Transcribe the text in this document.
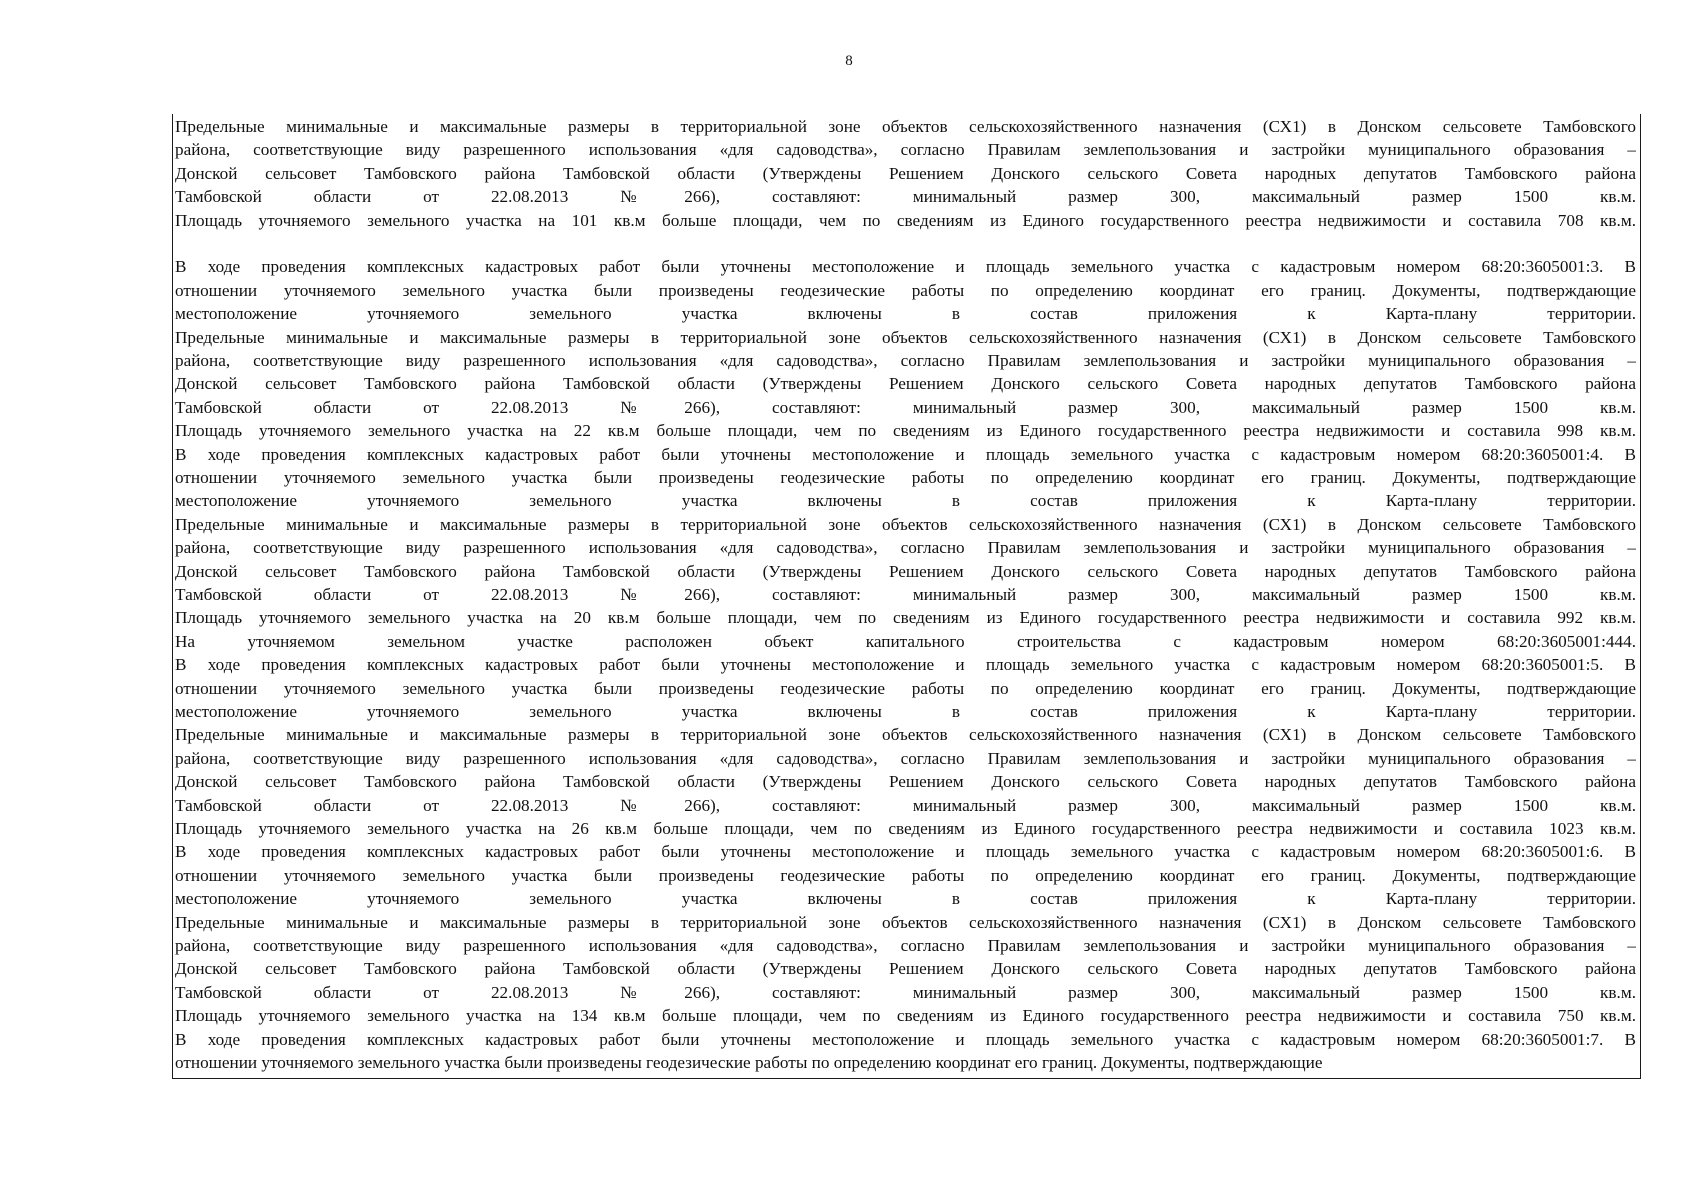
8
Предельные минимальные и максимальные размеры в территориальной зоне объектов сельскохозяйственного назначения (СХ1) в Донском сельсовете Тамбовского
района, соответствующие виду разрешенного использования «для садоводства», согласно Правилам землепользования и застройки муниципального образования –
Донской сельсовет Тамбовского района Тамбовской области (Утверждены Решением Донского сельского Совета народных депутатов Тамбовского района
Тамбовской области от 22.08.2013 №266), составляют: минимальный размер 300, максимальный размер 1500 кв.м.
Площадь уточняемого земельного участка на 101 кв.м больше площади, чем по сведениям из Единого государственного реестра недвижимости и составила 708 кв.м.

В ходе проведения комплексных кадастровых работ были уточнены местоположение и площадь земельного участка с кадастровым номером 68:20:3605001:3. В
отношении уточняемого земельного участка были произведены геодезические работы по определению координат его границ. Документы, подтверждающие
местоположение уточняемого земельного участка включены в состав приложения к Карта-плану территории.
Предельные минимальные и максимальные размеры в территориальной зоне объектов сельскохозяйственного назначения (СХ1) в Донском сельсовете Тамбовского
района, соответствующие виду разрешенного использования «для садоводства», согласно Правилам землепользования и застройки муниципального образования –
Донской сельсовет Тамбовского района Тамбовской области (Утверждены Решением Донского сельского Совета народных депутатов Тамбовского района
Тамбовской области от 22.08.2013 №266), составляют: минимальный размер 300, максимальный размер 1500 кв.м.
Площадь уточняемого земельного участка на 22 кв.м больше площади, чем по сведениям из Единого государственного реестра недвижимости и составила 998 кв.м.
В ходе проведения комплексных кадастровых работ были уточнены местоположение и площадь земельного участка с кадастровым номером 68:20:3605001:4. В
отношении уточняемого земельного участка были произведены геодезические работы по определению координат его границ. Документы, подтверждающие
местоположение уточняемого земельного участка включены в состав приложения к Карта-плану территории.
Предельные минимальные и максимальные размеры в территориальной зоне объектов сельскохозяйственного назначения (СХ1) в Донском сельсовете Тамбовского
района, соответствующие виду разрешенного использования «для садоводства», согласно Правилам землепользования и застройки муниципального образования –
Донской сельсовет Тамбовского района Тамбовской области (Утверждены Решением Донского сельского Совета народных депутатов Тамбовского района
Тамбовской области от 22.08.2013 №266), составляют: минимальный размер 300, максимальный размер 1500 кв.м.
Площадь уточняемого земельного участка на 20 кв.м больше площади, чем по сведениям из Единого государственного реестра недвижимости и составила 992 кв.м.
На уточняемом земельном участке расположен объект капитального строительства с кадастровым номером 68:20:3605001:444.
В ходе проведения комплексных кадастровых работ были уточнены местоположение и площадь земельного участка с кадастровым номером 68:20:3605001:5. В
отношении уточняемого земельного участка были произведены геодезические работы по определению координат его границ. Документы, подтверждающие
местоположение уточняемого земельного участка включены в состав приложения к Карта-плану территории.
Предельные минимальные и максимальные размеры в территориальной зоне объектов сельскохозяйственного назначения (СХ1) в Донском сельсовете Тамбовского
района, соответствующие виду разрешенного использования «для садоводства», согласно Правилам землепользования и застройки муниципального образования –
Донской сельсовет Тамбовского района Тамбовской области (Утверждены Решением Донского сельского Совета народных депутатов Тамбовского района
Тамбовской области от 22.08.2013 №266), составляют: минимальный размер 300, максимальный размер 1500 кв.м.
Площадь уточняемого земельного участка на 26 кв.м больше площади, чем по сведениям из Единого государственного реестра недвижимости и составила 1023 кв.м.
В ходе проведения комплексных кадастровых работ были уточнены местоположение и площадь земельного участка с кадастровым номером 68:20:3605001:6. В
отношении уточняемого земельного участка были произведены геодезические работы по определению координат его границ. Документы, подтверждающие
местоположение уточняемого земельного участка включены в состав приложения к Карта-плану территории.
Предельные минимальные и максимальные размеры в территориальной зоне объектов сельскохозяйственного назначения (СХ1) в Донском сельсовете Тамбовского
района, соответствующие виду разрешенного использования «для садоводства», согласно Правилам землепользования и застройки муниципального образования –
Донской сельсовет Тамбовского района Тамбовской области (Утверждены Решением Донского сельского Совета народных депутатов Тамбовского района
Тамбовской области от 22.08.2013 №266), составляют: минимальный размер 300, максимальный размер 1500 кв.м.
Площадь уточняемого земельного участка на 134 кв.м больше площади, чем по сведениям из Единого государственного реестра недвижимости и составила 750 кв.м.
В ходе проведения комплексных кадастровых работ были уточнены местоположение и площадь земельного участка с кадастровым номером 68:20:3605001:7. В
отношении уточняемого земельного участка были произведены геодезические работы по определению координат его границ. Документы, подтверждающие
